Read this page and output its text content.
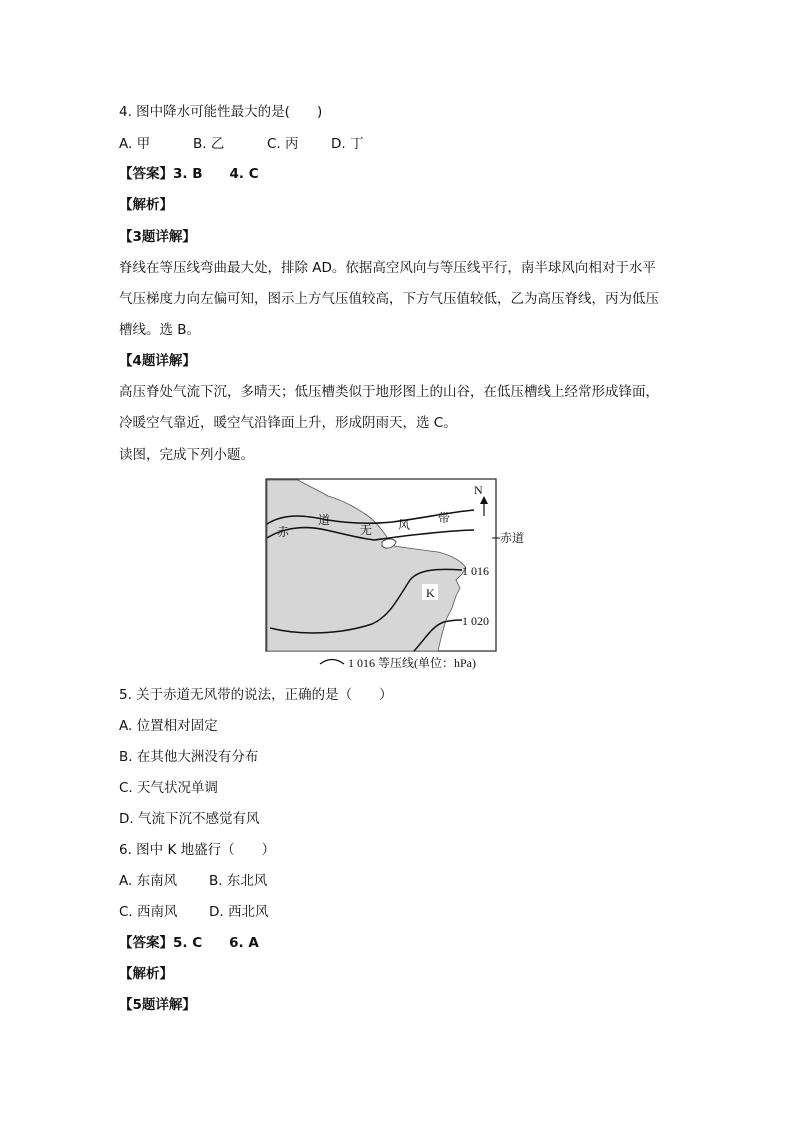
4. 图中降水可能性最大的是(　　)
A. 甲	B. 乙	C. 丙 D. 丁
【答案】3. B　　4. C
【解析】
【3题详解】
脊线在等压线弯曲最大处，排除 AD。依据高空风向与等压线平行，南半球风向相对于水平
气压梯度力向左偏可知，图示上方气压值较高，下方气压值较低，乙为高压脊线，丙为低压
槽线。选 B。
【4题详解】
高压脊处气流下沉，多晴天；低压槽类似于地形图上的山谷，在低压槽线上经常形成锋面，
冷暖空气靠近，暖空气沿锋面上升，形成阴雨天，选 C。
读图，完成下列小题。
赤
道
无 风 带
N
赤道
1 016
1 020
K
1 016 等压线(单位：hPa)
5. 关于赤道无风带的说法，正确的是（　　）
A. 位置相对固定
B. 在其他大洲没有分布
C. 天气状况单调
D. 气流下沉不感觉有风
6. 图中 K 地盛行（　　）
A. 东南风 B. 东北风
C. 西南风 D. 西北风
【答案】5. C　　6. A
【解析】
【5题详解】
